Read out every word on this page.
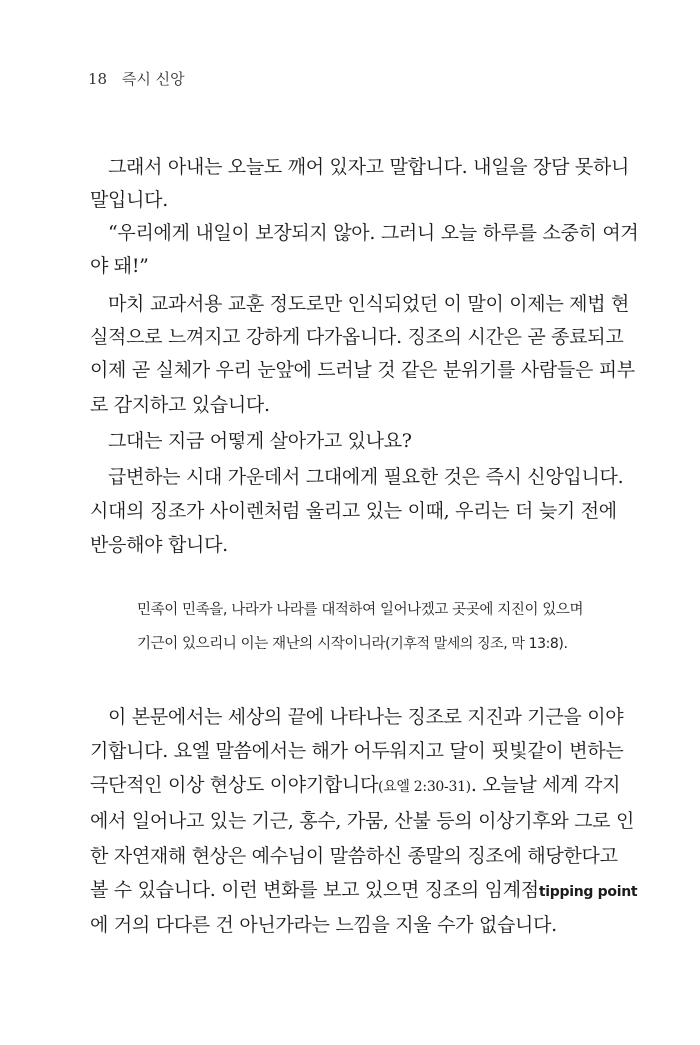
18 즉시 신앙
그래서 아내는 오늘도 깨어 있자고 말합니다. 내일을 장담 못하니
말입니다.
“우리에게 내일이 보장되지 않아. 그러니 오늘 하루를 소중히 여겨
야 돼!”
마치 교과서용 교훈 정도로만 인식되었던 이 말이 이제는 제법 현
실적으로 느껴지고 강하게 다가옵니다. 징조의 시간은 곧 종료되고
이제 곧 실체가 우리 눈앞에 드러날 것 같은 분위기를 사람들은 피부
로 감지하고 있습니다.
그대는 지금 어떻게 살아가고 있나요?
급변하는 시대 가운데서 그대에게 필요한 것은 즉시 신앙입니다.
시대의 징조가 사이렌처럼 울리고 있는 이때, 우리는 더 늦기 전에
반응해야 합니다.
민족이 민족을, 나라가 나라를 대적하여 일어나겠고 곳곳에 지진이 있으며
기근이 있으리니 이는 재난의 시작이니라(기후적 말세의 징조, 막 13:8).
이 본문에서는 세상의 끝에 나타나는 징조로 지진과 기근을 이야
기합니다. 요엘 말씀에서는 해가 어두워지고 달이 핏빛같이 변하는
극단적인 이상 현상도 이야기합니다(요엘 2:30-31). 오늘날 세계 각지
에서 일어나고 있는 기근, 홍수, 가뭄, 산불 등의 이상기후와 그로 인
한 자연재해 현상은 예수님이 말씀하신 종말의 징조에 해당한다고
볼 수 있습니다. 이런 변화를 보고 있으면 징조의 임계점tipping point
에 거의 다다른 건 아닌가라는 느낌을 지울 수가 없습니다.
